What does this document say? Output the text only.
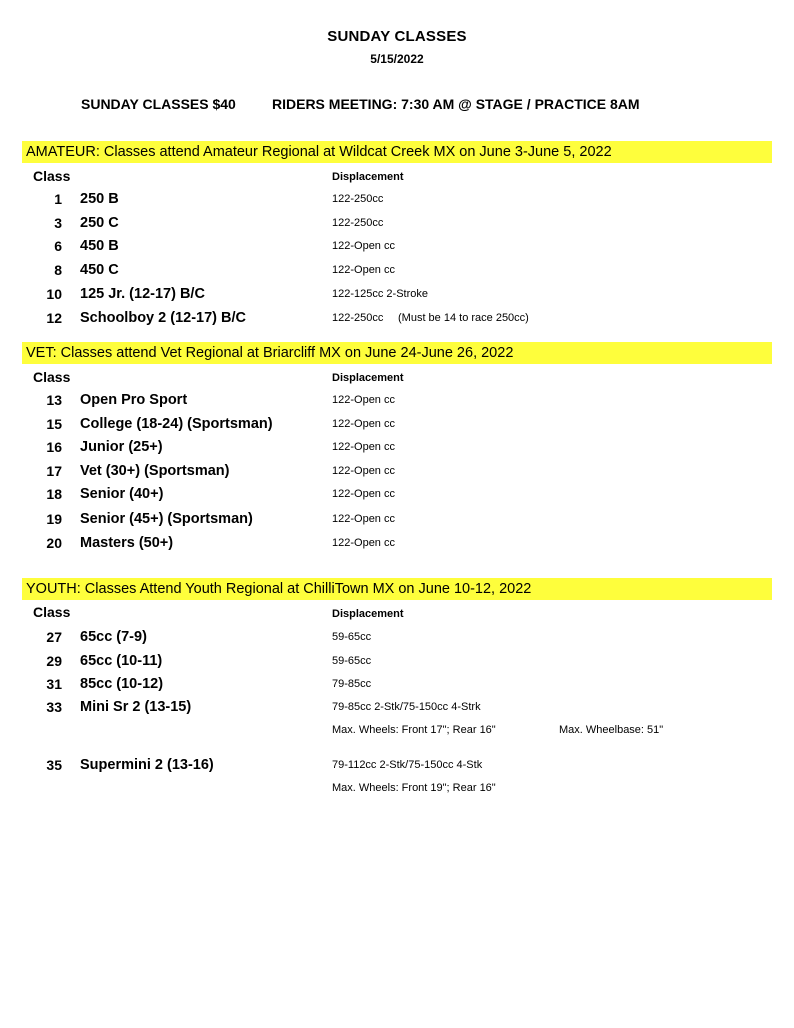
SUNDAY CLASSES
5/15/2022
SUNDAY CLASSES $40	RIDERS MEETING: 7:30 AM @ STAGE / PRACTICE 8AM
AMATEUR: Classes attend Amateur Regional at Wildcat Creek MX on June 3-June 5, 2022
Class	Displacement
1 250 B	122-250cc
3 250 C	122-250cc
6 450 B	122-Open cc
8 450 C	122-Open cc
10 125 Jr. (12-17) B/C	122-125cc 2-Stroke
12 Schoolboy 2 (12-17) B/C	122-250cc (Must be 14 to race 250cc)
VET: Classes attend Vet Regional at Briarcliff MX on June 24-June 26, 2022
Class	Displacement
13 Open Pro Sport	122-Open cc
15 College (18-24) (Sportsman)	122-Open cc
16 Junior (25+)	122-Open cc
17 Vet (30+) (Sportsman)	122-Open cc
18 Senior (40+)	122-Open cc
19 Senior (45+) (Sportsman)	122-Open cc
20 Masters (50+)	122-Open cc
YOUTH: Classes Attend Youth Regional at ChilliTown MX on June 10-12, 2022
Class	Displacement
27 65cc (7-9)	59-65cc
29 65cc (10-11)	59-65cc
31 85cc (10-12)	79-85cc
33 Mini Sr 2 (13-15)	79-85cc 2-Stk/75-150cc 4-Strk
Max. Wheels: Front 17"; Rear 16"	Max. Wheelbase: 51"
35 Supermini 2 (13-16)	79-112cc 2-Stk/75-150cc 4-Stk
Max. Wheels: Front 19"; Rear 16"
